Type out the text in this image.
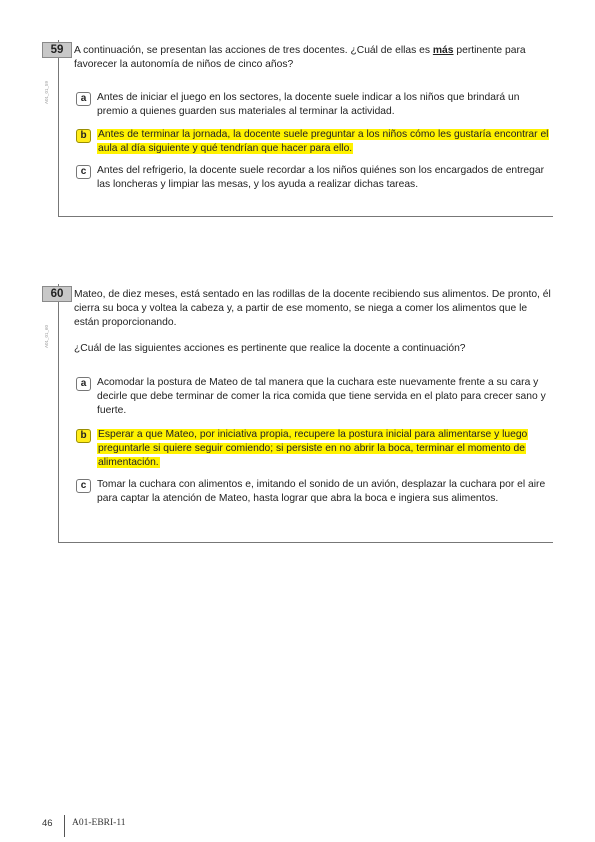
59
A01_01_59

A continuación, se presentan las acciones de tres docentes. ¿Cuál de ellas es más pertinente para favorecer la autonomía de niños de cinco años?

a	Antes de iniciar el juego en los sectores, la docente suele indicar a los niños que brindará un premio a quienes guarden sus materiales al terminar la actividad.
b	Antes de terminar la jornada, la docente suele preguntar a los niños cómo les gustaría encontrar el aula al día siguiente y qué tendrían que hacer para ello.
c	Antes del refrigerio, la docente suele recordar a los niños quiénes son los encargados de entregar las loncheras y limpiar las mesas, y los ayuda a realizar dichas tareas.
60
A01_01_60

Mateo, de diez meses, está sentado en las rodillas de la docente recibiendo sus alimentos. De pronto, él cierra su boca y voltea la cabeza y, a partir de ese momento, se niega a comer los alimentos que le están proporcionando.

¿Cuál de las siguientes acciones es pertinente que realice la docente a continuación?

a	Acomodar la postura de Mateo de tal manera que la cuchara este nuevamente frente a su cara y decirle que debe terminar de comer la rica comida que tiene servida en el plato para crecer sano y fuerte.
b	Esperar a que Mateo, por iniciativa propia, recupere la postura inicial para alimentarse y luego preguntarle si quiere seguir comiendo; si persiste en no abrir la boca, terminar el momento de alimentación.
c	Tomar la cuchara con alimentos e, imitando el sonido de un avión, desplazar la cuchara por el aire para captar la atención de Mateo, hasta lograr que abra la boca e ingiera sus alimentos.
46 A01-EBRI-11
